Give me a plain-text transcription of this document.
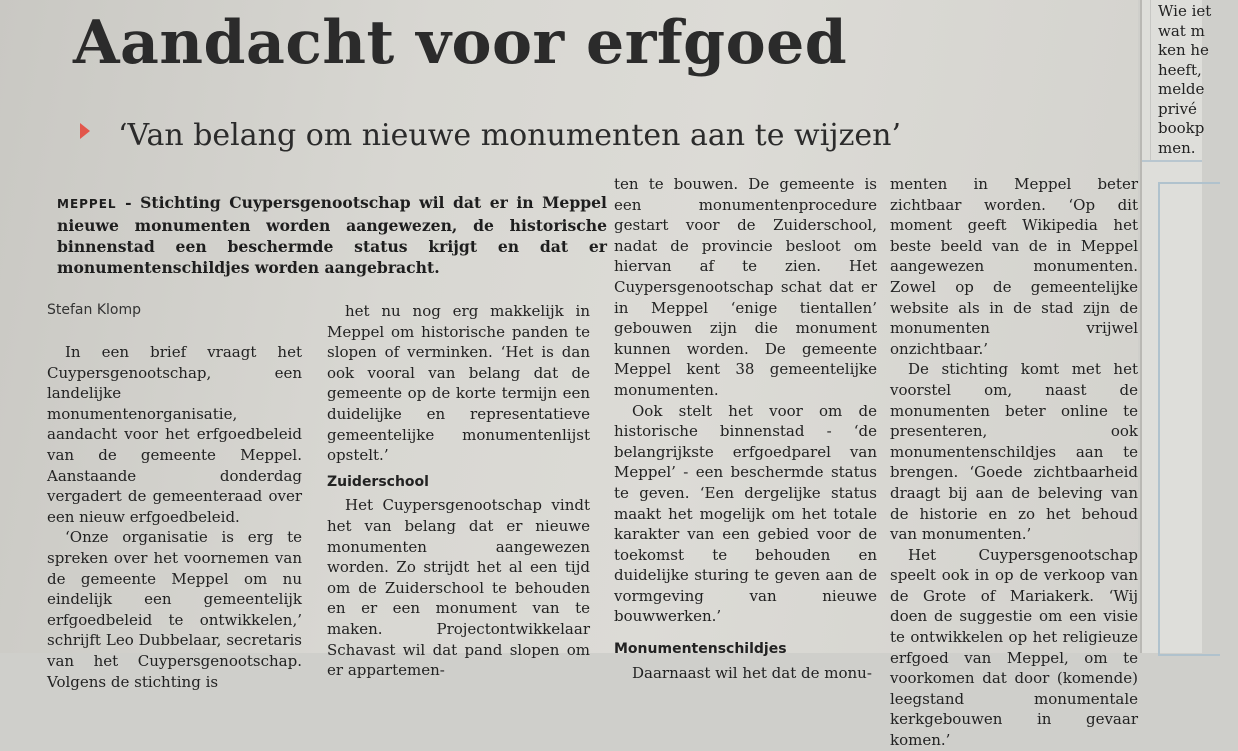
Aandacht voor erfgoed
‘Van belang om nieuwe monumenten aan te wijzen’
MEPPEL - Stichting Cuypersgenootschap wil dat er in Meppel nieuwe monumenten worden aangewezen, de historische binnenstad een beschermde status krijgt en dat er monumentenschildjes worden aangebracht.
Stefan Klomp

In een brief vraagt het Cuypersgenootschap, een landelijke monumentenorganisatie, aandacht voor het erfgoedbeleid van de gemeente Meppel. Aanstaande donderdag vergadert de gemeenteraad over een nieuw erfgoedbeleid.

‘Onze organisatie is erg te spreken over het voornemen van de gemeente Meppel om nu eindelijk een gemeentelijk erfgoedbeleid te ontwikkelen,’ schrijft Leo Dubbelaar, secretaris van het Cuypersgenootschap. Volgens de stichting is

het nu nog erg makkelijk in Meppel om historische panden te slopen of verminken. ‘Het is dan ook vooral van belang dat de gemeente op de korte termijn een duidelijke en representatieve gemeentelijke monumentenlijst opstelt.’

Zuiderschool

Het Cuypersgenootschap vindt het van belang dat er nieuwe monumenten aangewezen worden. Zo strijdt het al een tijd om de Zuiderschool te behouden en er een monument van te maken. Projectontwikkelaar Schavast wil dat pand slopen om er appartemen-

ten te bouwen. De gemeente is een monumentenprocedure gestart voor de Zuiderschool, nadat de provincie besloot om hiervan af te zien. Het Cuypersgenootschap schat dat er in Meppel ‘enige tientallen’ gebouwen zijn die monument kunnen worden. De gemeente Meppel kent 38 gemeentelijke monumenten.

Ook stelt het voor om de historische binnenstad - ‘de belangrijkste erfgoedparel van Meppel’ - een beschermde status te geven. ‘Een dergelijke status maakt het mogelijk om het totale karakter van een gebied voor de toekomst te behouden en duidelijke sturing te geven aan de vormgeving van nieuwe bouwwerken.’

Monumentenschildjes

Daarnaast wil het dat de monu-

menten in Meppel beter zichtbaar worden. ‘Op dit moment geeft Wikipedia het beste beeld van de in Meppel aangewezen monumenten. Zowel op de gemeentelijke website als in de stad zijn de monumenten vrijwel onzichtbaar.’

De stichting komt met het voorstel om, naast de monumenten beter online te presenteren, ook monumentenschildjes aan te brengen. ‘Goede zichtbaarheid draagt bij aan de beleving van de historie en zo het behoud van monumenten.’

Het Cuypersgenootschap speelt ook in op de verkoop van de Grote of Mariakerk. ‘Wij doen de suggestie om een visie te ontwikkelen op het religieuze erfgoed van Meppel, om te voorkomen dat door (komende) leegstand monumentale kerkgebouwen in gevaar komen.’

Wie iet
wat m
ken he
heeft,
melde
privé
bookp
men.
